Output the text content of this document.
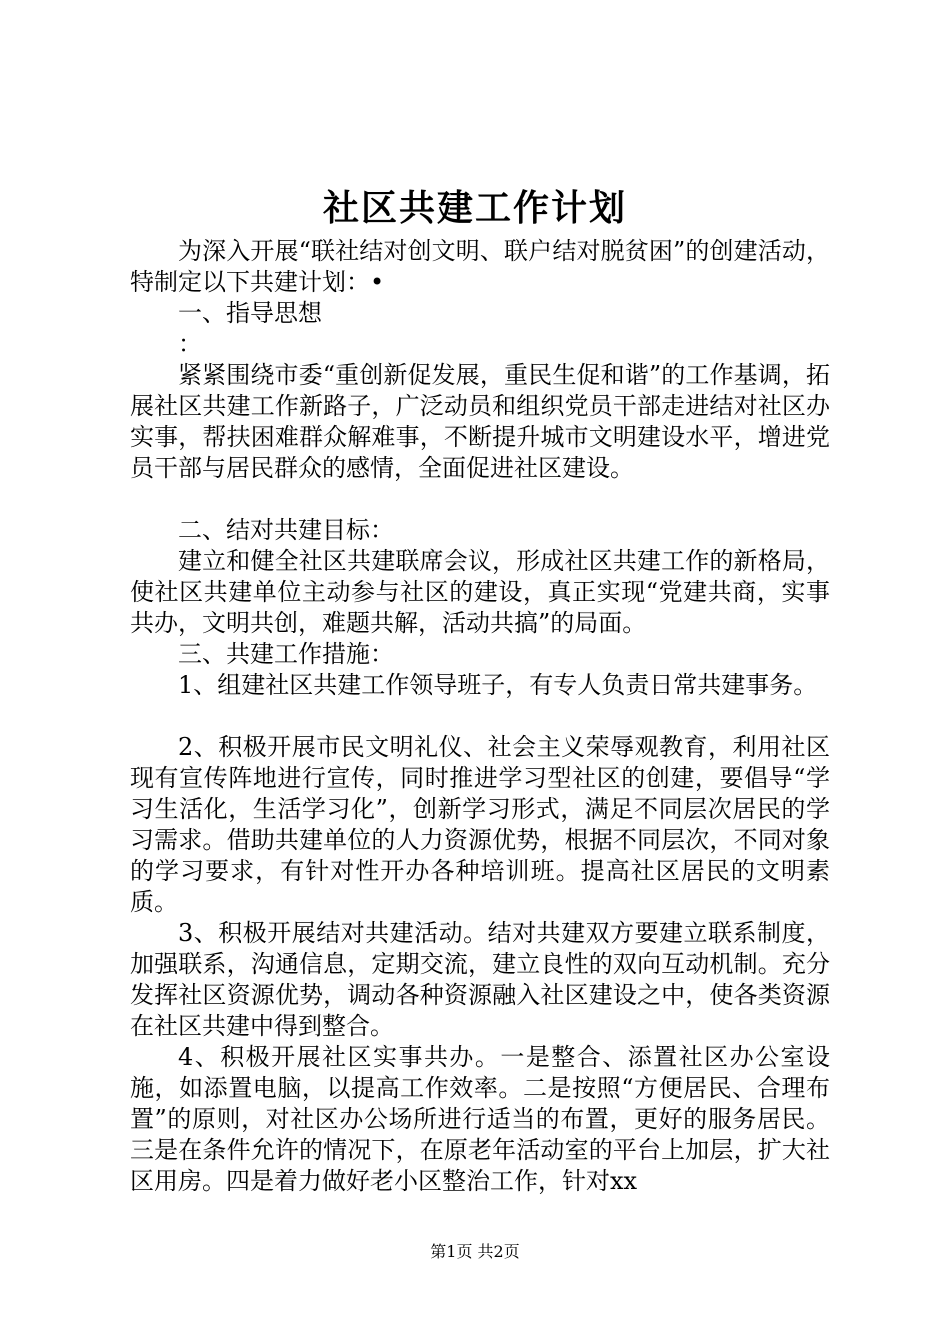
社区共建工作计划

为深入开展“联社结对创文明、联户结对脱贫困”的创建活动，特制定以下共建计划：•

一、指导思想

：

紧紧围绕市委“重创新促发展，重民生促和谐”的工作基调，拓展社区共建工作新路子，广泛动员和组织党员干部走进结对社区办实事，帮扶困难群众解难事，不断提升城市文明建设水平，增进党员干部与居民群众的感情，全面促进社区建设。

二、结对共建目标：

建立和健全社区共建联席会议，形成社区共建工作的新格局，使社区共建单位主动参与社区的建设，真正实现“党建共商，实事共办，文明共创，难题共解，活动共搞”的局面。

三、共建工作措施：

1、组建社区共建工作领导班子，有专人负责日常共建事务。

2、积极开展市民文明礼仪、社会主义荣辱观教育，利用社区现有宣传阵地进行宣传，同时推进学习型社区的创建，要倡导“学习生活化，生活学习化”，创新学习形式，满足不同层次居民的学习需求。借助共建单位的人力资源优势，根据不同层次，不同对象的学习要求，有针对性开办各种培训班。提高社区居民的文明素质。

3、积极开展结对共建活动。结对共建双方要建立联系制度，加强联系，沟通信息，定期交流，建立良性的双向互动机制。充分发挥社区资源优势，调动各种资源融入社区建设之中，使各类资源在社区共建中得到整合。

4、积极开展社区实事共办。一是整合、添置社区办公室设施，如添置电脑，以提高工作效率。二是按照“方便居民、合理布置”的原则，对社区办公场所进行适当的布置，更好的服务居民。三是在条件允许的情况下，在原老年活动室的平台上加层，扩大社区用房。四是着力做好老小区整治工作，针对xx

第1页 共2页
